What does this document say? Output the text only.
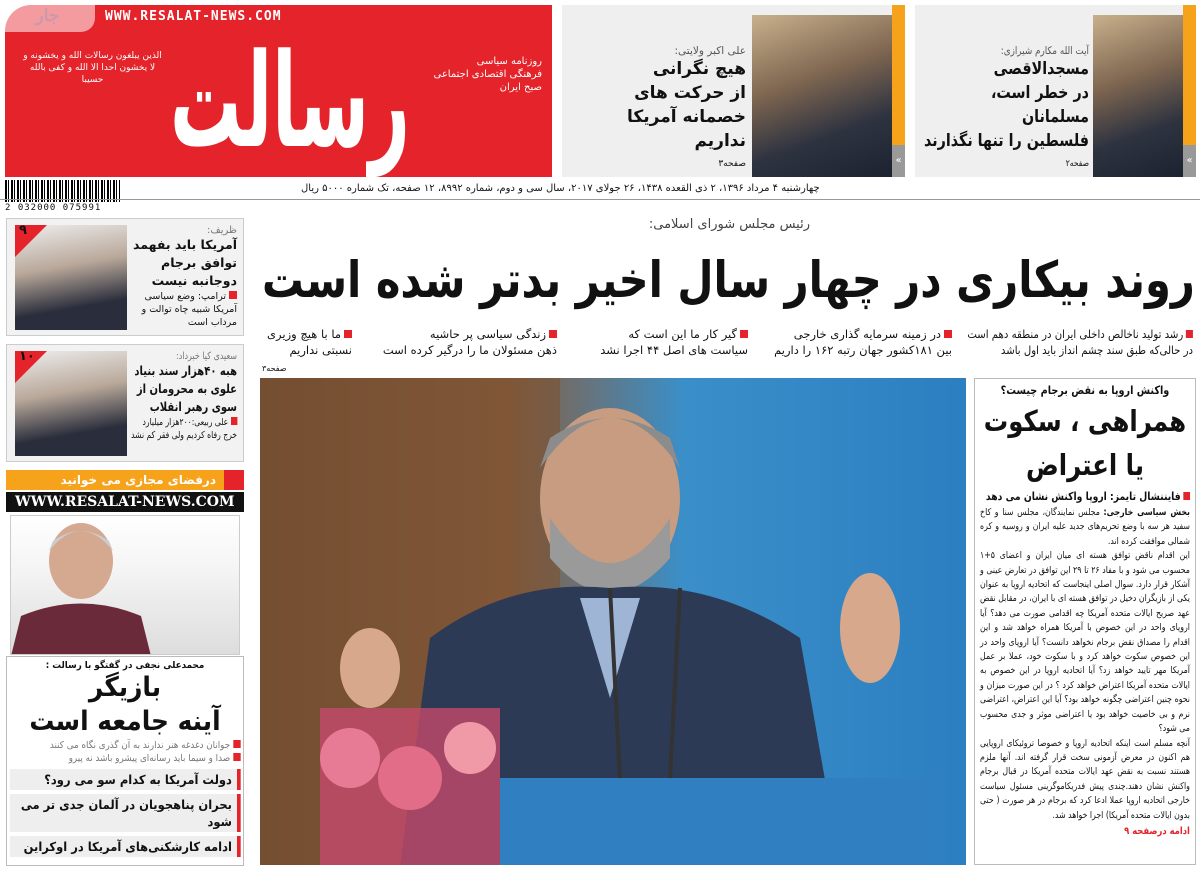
WWW.RESALAT-NEWS.COM
الذین یبلغون رسالات الله و یخشونه و لا یخشون احدا الا الله و کفی بالله حسیبا رسالت	روزنامه سیاسی
فرهنگی اقتصادی اجتماعی
صبح ایران
جار
«
آیت الله مکارم شیرازی:
مسجدالاقصی
در خطر است، مسلمانان
فلسطین را تنها نگذارند
صفحه۲
«
علی اکبر ولایتی:
هیچ نگرانی
از حرکت های
خصمانه آمریکا نداریم
صفحه۳
2 032000 075991
چهارشنبه ۴ مرداد ۱۳۹۶، ۲ ذی القعده ۱۴۳۸، ۲۶ جولای ۲۰۱۷، سال سی و دوم، شماره ۸۹۹۲، ۱۲ صفحه، تک شماره ۵۰۰۰ ریال
رئیس مجلس شورای اسلامی:
روند بیکاری در چهار سال اخیر بدتر شده است
رشد تولید ناخالص داخلی ایران در منطقه دهم است
در حالی‌که طبق سند چشم انداز باید اول باشد
در زمینه سرمایه گذاری خارجی
بین ۱۸۱کشور جهان رتبه ۱۶۲ را داریم
گیر کار ما این است که
سیاست های اصل ۴۴ اجرا نشد
زندگی سیاسی پر حاشیه
ذهن مسئولان ما را درگیر کرده است
ما با هیچ وزیری
نسبتی نداریم
صفحه۳
واکنش اروپا به نقض برجام چیست؟
همراهی ، سکوت
یا اعتراض
فایننشال تایمز: اروپا واکنش نشان می دهد

بخش سیاسی خارجی: مجلس نمایندگان، مجلس سنا و کاخ سفید هر سه با وضع تحریم‌های جدید علیه ایران و روسیه و کره شمالی موافقت کرده اند.

این اقدام ناقض توافق هسته ای میان ایران و اعضای ۵+۱ محسوب می شود و با مفاد ۲۶ تا ۲۹ این توافق در تعارض عینی و آشکار قرار دارد. سوال اصلی اینجاست که اتحادیه اروپا به عنوان یکی از بازیگران دخیل در توافق هسته ای با ایران، در مقابل نقض عهد صریح ایالات متحده آمریکا چه اقدامی صورت می دهد؟ آیا اروپای واحد در این خصوص با آمریکا همراه خواهد شد و این اقدام را مصداق نقض برجام نخواهد دانست؟ آیا اروپای واحد در این خصوص سکوت خواهد کرد و با سکوت خود، عملا بر عمل آمریکا مهر تایید خواهد زد؟ آیا اتحادیه اروپا در این خصوص به ایالات متحده آمریکا اعتراض خواهد کرد ؟ در این صورت میزان و نحوه چنین اعتراضی چگونه خواهد بود؟ آیا این اعتراض، اعتراضی نرم و بی خاصیت خواهد بود یا اعتراضی موثر و جدی محسوب می شود؟

آنچه مسلم است اینکه اتحادیه اروپا و خصوصا تروئیکای اروپایی هم اکنون در معرض آزمونی سخت قرار گرفته اند. آنها ملزم هستند نسبت به نقض عهد ایالات متحده آمریکا در قبال برجام واکنش نشان دهند.چندی پیش فدریکاموگرینی مسئول سیاست خارجی اتحادیه اروپا عملا ادعا کرد که برجام در هر صورت ( حتی بدون ایالات متحده آمریکا) اجرا خواهد شد.

ادامه درصفحه ۹
۹	ظریف:
آمریکا باید بفهمد توافق برجام دوجانبه نیست
ترامپ: وضع سیاسی آمریکا شبیه چاه توالت و مرداب است
۱۰	سعیدی کیا خبرداد:
هبه ۴۰هزار سند بنیاد علوی به محرومان از سوی رهبر انقلاب
علی ربیعی:۲۰۰هزار میلیارد خرج رفاه کردیم ولی فقر کم نشد
درفضای مجازی می خوانید
WWW.RESALAT-NEWS.COM
محمدعلی نجفی در گفتگو با رسالت :
بازیگر
آینه جامعه است
جوانان دغدغه هنر ندارند به آن گذری نگاه می کنند
صدا و سیما باید رسانه‌ای پیشرو باشد نه پیرو
دولت آمریکا به کدام سو می رود؟
بحران پناهجویان در آلمان جدی تر می شود
ادامه کارشکنی‌های آمریکا در اوکراین
